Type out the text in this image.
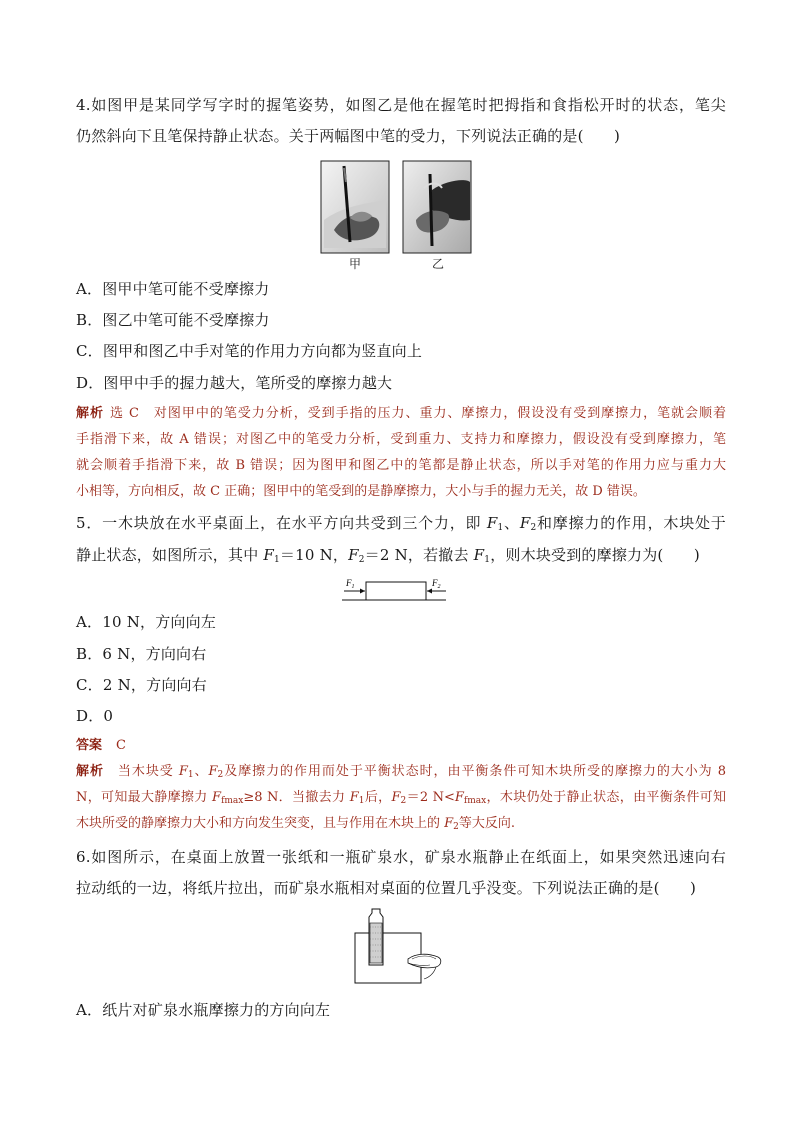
4.如图甲是某同学写字时的握笔姿势，如图乙是他在握笔时把拇指和食指松开时的状态，笔尖
仍然斜向下且笔保持静止状态。关于两幅图中笔的受力，下列说法正确的是(　　)
甲	乙
A．图甲中笔可能不受摩擦力
B．图乙中笔可能不受摩擦力
C．图甲和图乙中手对笔的作用力方向都为竖直向上
D．图甲中手的握力越大，笔所受的摩擦力越大
解析 选 C　对图甲中的笔受力分析，受到手指的压力、重力、摩擦力，假设没有受到摩擦力，笔就会顺着
手指滑下来，故 A 错误；对图乙中的笔受力分析，受到重力、支持力和摩擦力，假设没有受到摩擦力，笔
就会顺着手指滑下来，故 B 错误；因为图甲和图乙中的笔都是静止状态，所以手对笔的作用力应与重力大
小相等，方向相反，故 C 正确；图甲中的笔受到的是静摩擦力，大小与手的握力无关，故 D 错误。
5．一木块放在水平桌面上，在水平方向共受到三个力，即 $F_1$、$F_2$和摩擦力的作用，木块处于
静止状态，如图所示，其中 $F_1=10$ N，$F_2=2$ N，若撤去 $F_1$，则木块受到的摩擦力为(　　)
$F_1$	$F_2$
A．10 N，方向向左
B．6 N，方向向右
C．2 N，方向向右
D．0
答案 C
解析 当木块受 $F_1$、$F_2$及摩擦力的作用而处于平衡状态时，由平衡条件可知木块所受的摩擦力的大小为 8
N，可知最大静摩擦力 $F_{fmax}\ge 8$ N．当撤去力 $F_1$后，$F_2=2$ $N<F_{fmax}$，木块仍处于静止状态，由平衡条件可知
木块所受的静摩擦力大小和方向发生突变，且与作用在木块上的 $F_2$等大反向.
6.如图所示，在桌面上放置一张纸和一瓶矿泉水，矿泉水瓶静止在纸面上，如果突然迅速向右
拉动纸的一边，将纸片拉出，而矿泉水瓶相对桌面的位置几乎没变。下列说法正确的是(　　)
A．纸片对矿泉水瓶摩擦力的方向向左
